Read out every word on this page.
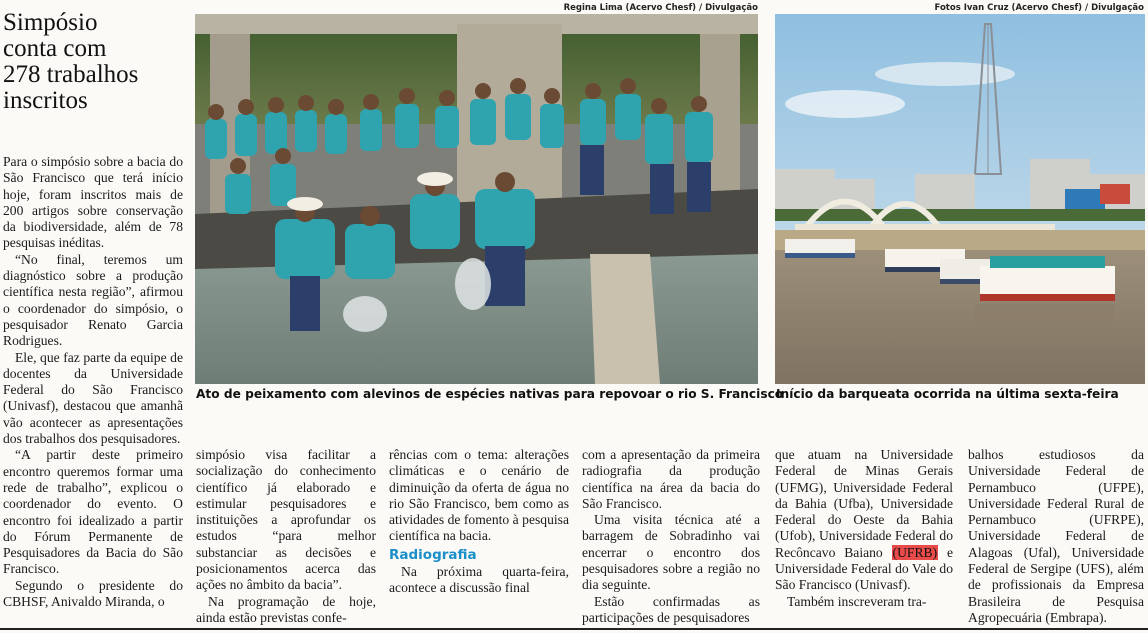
Simpósio
conta com
278 trabalhos
inscritos

Para o simpósio sobre a bacia do São Francisco que terá início hoje, foram inscritos mais de 200 artigos sobre conservação da biodiversidade, além de 78 pesquisas inéditas.

“No final, teremos um diagnóstico sobre a produção científica nesta região”, afirmou o coordenador do simpósio, o pesquisador Renato Garcia Rodrigues.

Ele, que faz parte da equipe de docentes da Universidade Federal do São Francisco (Univasf), destacou que amanhã vão acontecer as apresentações dos trabalhos dos pesquisadores.

“A partir deste primeiro encontro queremos formar uma rede de trabalho”, explicou o coordenador do evento. O encontro foi idealizado a partir do Fórum Permanente de Pesquisadores da Bacia do São Francisco.

Segundo o presidente do CBHSF, Anivaldo Miranda, o

Regina Lima (Acervo Chesf) / Divulgação	Fotos Ivan Cruz (Acervo Chesf) / Divulgação
Ato de peixamento com alevinos de espécies nativas para repovoar o rio S. Francisco
Início da barqueata ocorrida na última sexta-feira

simpósio visa facilitar a socialização do conhecimento científico já elaborado e estimular pesquisadores e instituições a aprofundar os estudos “para melhor substanciar as decisões e posicionamentos acerca das ações no âmbito da bacia”.

Na programação de hoje, ainda estão previstas confe-

rências com o tema: alterações climáticas e o cenário de diminuição da oferta de água no rio São Francisco, bem como as atividades de fomento à pesquisa científica na bacia.

Radiografia

Na próxima quarta-feira, acontece a discussão final

com a apresentação da primeira radiografia da produção científica na área da bacia do São Francisco.

Uma visita técnica até a barragem de Sobradinho vai encerrar o encontro dos pesquisadores sobre a região no dia seguinte.

Estão confirmadas as participações de pesquisadores

que atuam na Universidade Federal de Minas Gerais (UFMG), Universidade Federal da Bahia (Ufba), Universidade Federal do Oeste da Bahia (Ufob), Universidade Federal do Recôncavo Baiano (UFRB) e Universidade Federal do Vale do São Francisco (Univasf).

Também inscreveram tra-

balhos estudiosos da Universidade Federal de Pernambuco (UFPE), Universidade Federal Rural de Pernambuco (UFRPE), Universidade Federal de Alagoas (Ufal), Universidade Federal de Sergipe (UFS), além de profissionais da Empresa Brasileira de Pesquisa Agropecuária (Embrapa).
